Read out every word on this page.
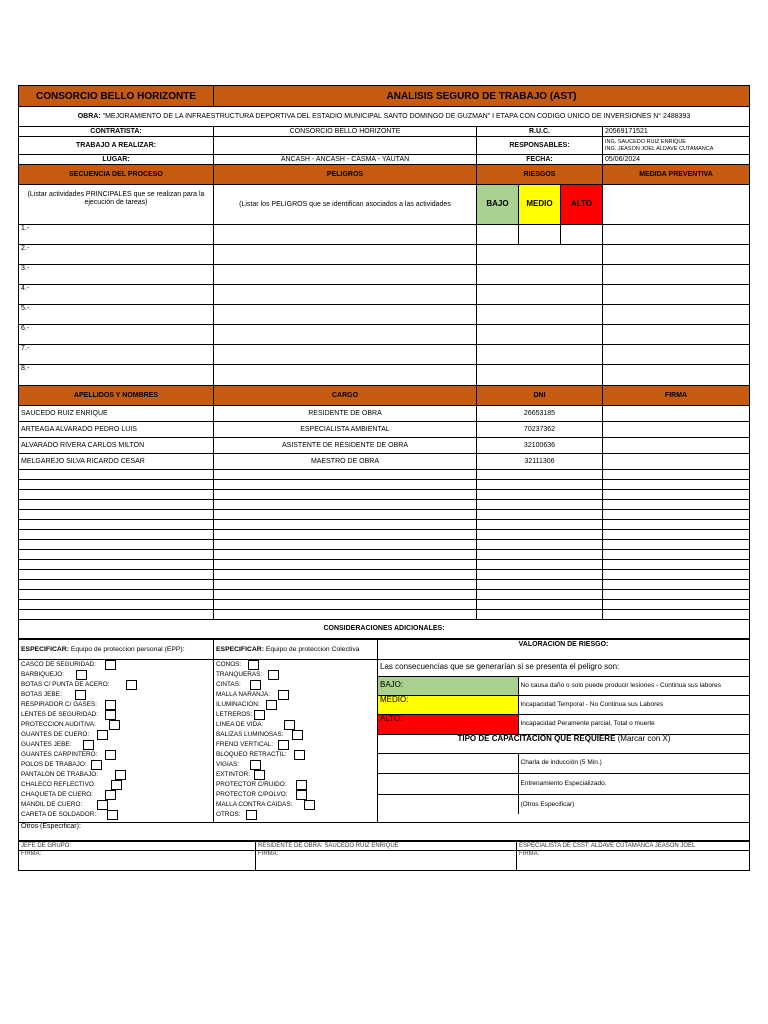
CONSORCIO BELLO HORIZONTE	ANALISIS SEGURO DE TRABAJO (AST)				
OBRA: "MEJORAMIENTO DE LA INFRAESTRUCTURA DEPORTIVA DEL ESTADIO MUNICIPAL SANTO DOMINGO DE GUZMAN" I ETAPA CON CODIGO UNICO DE INVERSIONES N° 2488393					
CONTRATISTA:	CONSORCIO BELLO HORIZONTE	R.U.C.			20569171521
TRABAJO A REALIZAR:		RESPONSABLES:			ING. SAUCEDO RUIZ ENRIQUE
ING. JEASON JOEL ALDAVE CUTAMANCA

LUGAR:	ANCASH - ANCASH - CASMA - YAUTAN	FECHA:			05/06/2024
SECUENCIA DEL PROCESO	PELIGROS	RIESGOS			MEDIDA PREVENTIVA
(Listar actividades PRINCIPALES que se realizan para la ejecución de tareas)	(Listar los PELIGROS que se identifican asociados a las actividades	BAJO	MEDIO	ALTO	
1.-					
2.-					
3.-					
4.-					
5.-					
6.-					
7.-					
8.-					
APELLIDOS Y NOMBRES	CARGO	DNI			FIRMA
SAUCEDO RUIZ ENRIQUE	RESIDENTE DE OBRA	26653185			
ARTEAGA ALVARADO PEDRO LUIS	ESPECIALISTA AMBIENTAL	70237362			
ALVARADO RIVERA CARLOS MILTON	ASISTENTE DE RESIDENTE DE OBRA	32100636			
MELGAREJO SILVA RICARDO CESAR	MAESTRO DE OBRA	32111306			

CONSIDERACIONES ADICIONALES:					
ESPECIFICAR: Equipo de proteccion personal (EPP):	ESPECIFICAR: Equipo de proteccion Colectiva	VALORACION DE RIESGO:

CASCO DE SEGURIDAD:
BARBIQUEJO:
BOTAS C/ PUNTA DE ACERO:
BOTAS JEBE:
RESPIRADOR C/ GASES:
LENTES DE SEGURIDAD:
PROTECCION AUDITIVA:
GUANTES DE CUERO:
GUANTES JEBE:
GUANTES CARPINTERO:
POLOS DE TRABAJO:
PANTALON DE TRABAJO:
CHALECO REFLECTIVO:
CHAQUETA DE CUERO:
MANDIL DE CUERO:
CARETA DE SOLDADOR:

CONOS:
TRANQUERAS:
CINTAS:
MALLA NARANJA:
ILUMINACION:
LETREROS:
LINEA DE VIDA:
BALIZAS LUMINOSAS:
FRENO VERTICAL:
BLOQUEO RETRACTIL:
VIGIAS:
EXTINTOR:
PROTECTOR C/RUIDO:
PROTECTOR C/POLVO:
MALLA CONTRA CAIDAS:
OTROS:

Las consecuencias que se generarían si se presenta el peligro son:
BAJO:	No causa daño o solo puede producir lesiones - Continua sus labores
MEDIO:	Incapacidad Temporal - No Continua sus Labores
ALTO:	Incapacidad Peramente parcial, Total o muerte
TIPO DE CAPACITACION QUE REQUIERE (Marcar con X)
	Charla de inducción (5 Min.)
	Entrenamiento Especializado.
	(Otros Especificar)

Otros (Especificar):
JEFE DE GRUPO:	RESIDENTE DE OBRA: SAUCEDO RUIZ ENRIQUE	ESPECIALISTA DE CSST: ALDAVE CUTAMANCA JEASON JOEL
FIRMA:	FIRMA:	FIRMA:
